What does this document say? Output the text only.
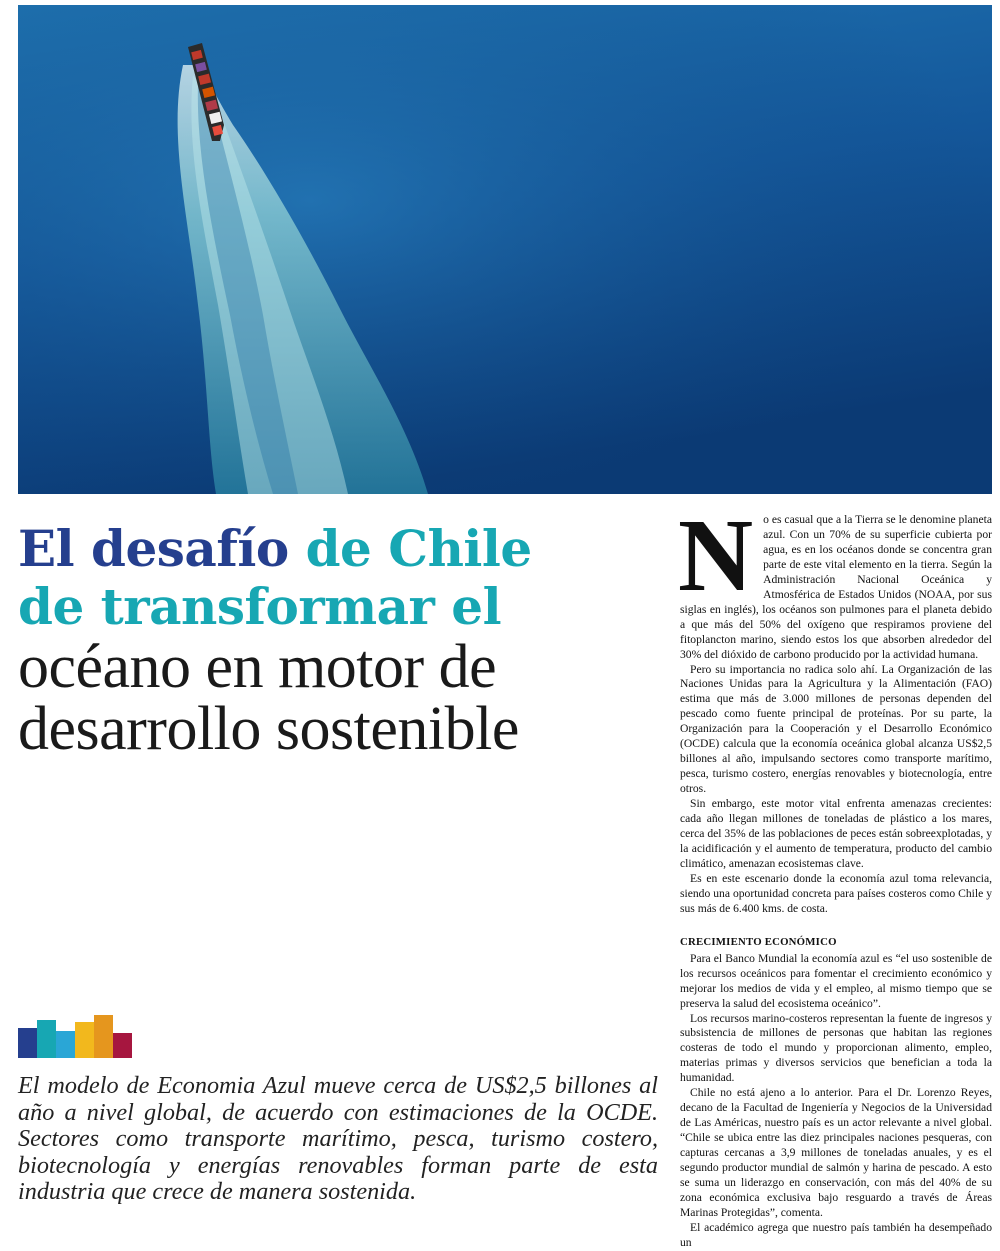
El desafío de Chile
de transformar el
océano en motor de
desarrollo sostenible

El modelo de Economia Azul mueve cerca de US$2,5 billones al año a nivel global, de acuerdo con estimaciones de la OCDE. Sectores como transporte marítimo, pesca, turismo costero, biotecnología y energías renovables forman parte de esta industria que crece de manera sostenida.

No es casual que a la Tierra se le denomine planeta azul. Con un 70% de su superficie cubierta por agua, es en los océanos donde se concentra gran parte de este vital elemento en la tierra. Según la Administración Nacional Oceánica y Atmosférica de Estados Unidos (NOAA, por sus siglas en inglés), los océanos son pulmones para el planeta debido a que más del 50% del oxígeno que respiramos proviene del fitoplancton marino, siendo estos los que absorben alrededor del 30% del dióxido de carbono producido por la actividad humana.

Pero su importancia no radica solo ahí. La Organización de las Naciones Unidas para la Agricultura y la Alimentación (FAO) estima que más de 3.000 millones de personas dependen del pescado como fuente principal de proteínas. Por su parte, la Organización para la Cooperación y el Desarrollo Económico (OCDE) calcula que la economía oceánica global alcanza US$2,5 billones al año, impulsando sectores como transporte marítimo, pesca, turismo costero, energías renovables y biotecnología, entre otros.

Sin embargo, este motor vital enfrenta amenazas crecientes: cada año llegan millones de toneladas de plástico a los mares, cerca del 35% de las poblaciones de peces están sobreexplotadas, y la acidificación y el aumento de temperatura, producto del cambio climático, amenazan ecosistemas clave.

Es en este escenario donde la economía azul toma relevancia, siendo una oportunidad concreta para países costeros como Chile y sus más de 6.400 kms. de costa.

CRECIMIENTO ECONÓMICO

Para el Banco Mundial la economía azul es “el uso sostenible de los recursos oceánicos para fomentar el crecimiento económico y mejorar los medios de vida y el empleo, al mismo tiempo que se preserva la salud del ecosistema oceánico”.

Los recursos marino-costeros representan la fuente de ingresos y subsistencia de millones de personas que habitan las regiones costeras de todo el mundo y proporcionan alimento, empleo, materias primas y diversos servicios que benefician a toda la humanidad.

Chile no está ajeno a lo anterior. Para el Dr. Lorenzo Reyes, decano de la Facultad de Ingeniería y Negocios de la Universidad de Las Américas, nuestro país es un actor relevante a nivel global. “Chile se ubica entre las diez principales naciones pesqueras, con capturas cercanas a 3,9 millones de toneladas anuales, y es el segundo productor mundial de salmón y harina de pescado. A esto se suma un liderazgo en conservación, con más del 40% de su zona económica exclusiva bajo resguardo a través de Áreas Marinas Protegidas”, comenta.

El académico agrega que nuestro país también ha desempeñado un
